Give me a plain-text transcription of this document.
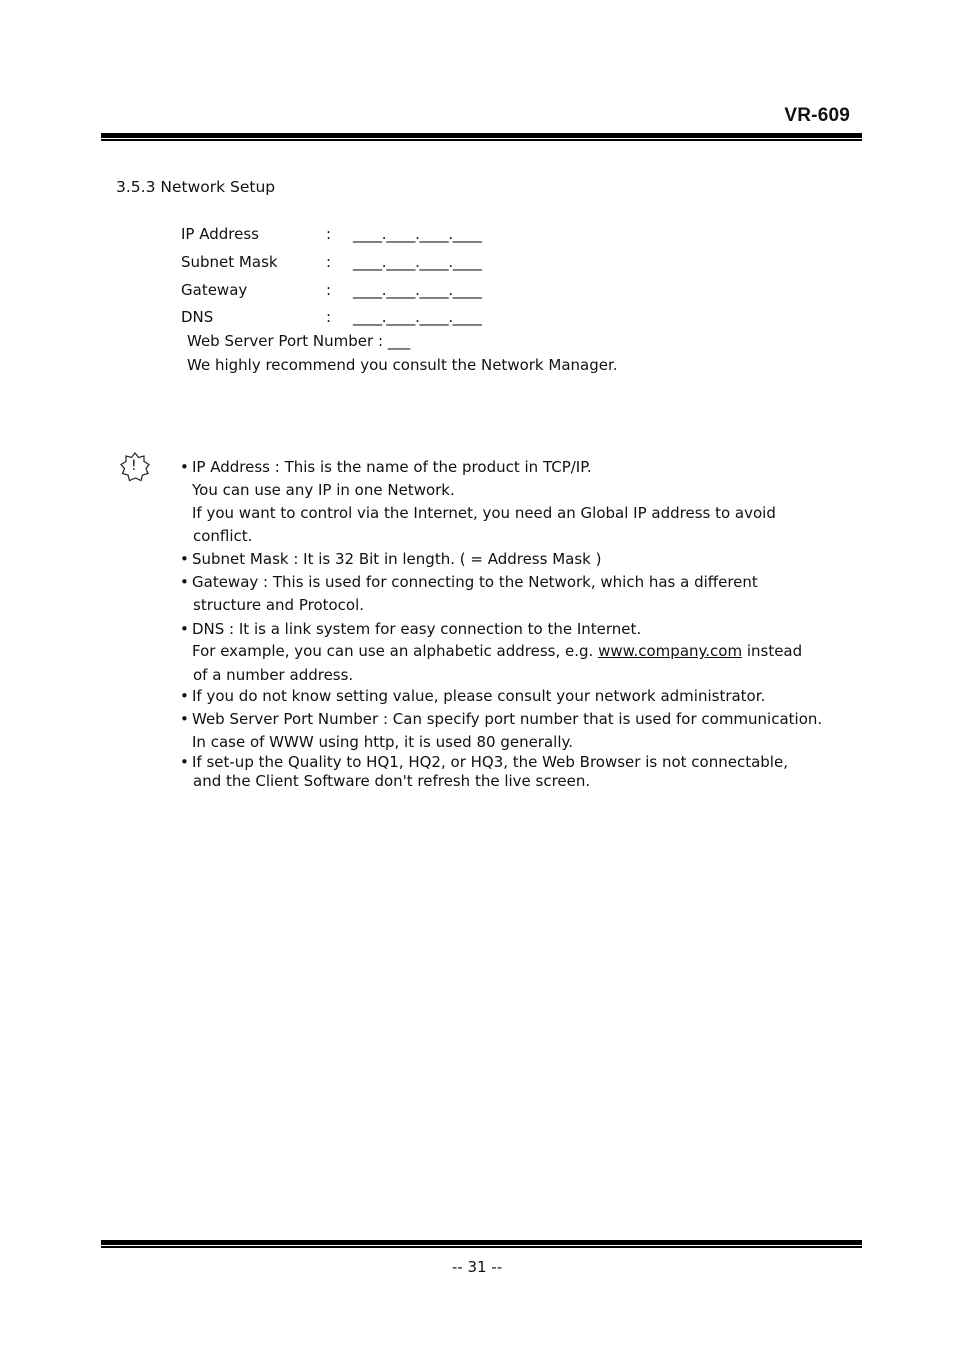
VR-609
3.5.3 Network Setup
IP Address	: ____.____.____.____
Subnet Mask	: ____.____.____.____
Gateway	: ____.____.____.____
DNS	: ____.____.____.____
Web Server Port Number : ___
We highly recommend you consult the Network Manager.
!	• IP Address : This is the name of the product in TCP/IP.
You can use any IP in one Network.
If you want to control via the Internet, you need an Global IP address to avoid
conflict.
• Subnet Mask : It is 32 Bit in length. ( = Address Mask )
• Gateway : This is used for connecting to the Network, which has a different
structure and Protocol.
• DNS : It is a link system for easy connection to the Internet.
For example, you can use an alphabetic address, e.g. www.company.com instead
of a number address.
• If you do not know setting value, please consult your network administrator.
• Web Server Port Number : Can specify port number that is used for communication.
In case of WWW using http, it is used 80 generally.
• If set-up the Quality to HQ1, HQ2, or HQ3, the Web Browser is not connectable,
and the Client Software don't refresh the live screen.
-- 31 --
